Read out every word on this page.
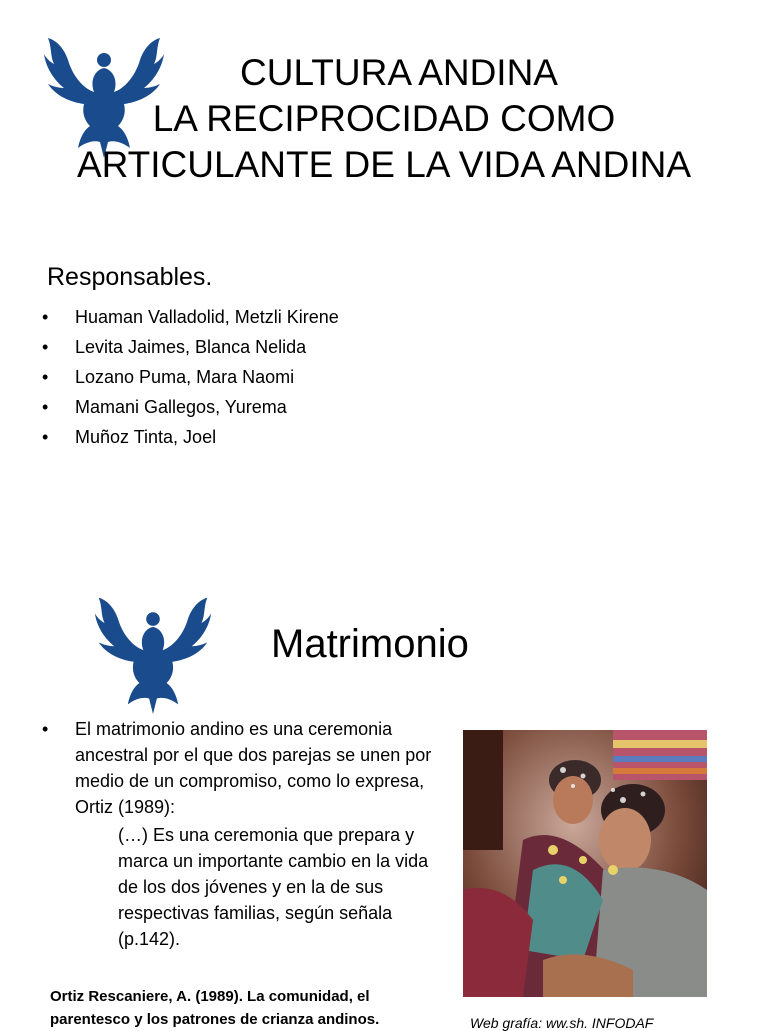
CULTURA ANDINA
LA RECIPROCIDAD COMO
ARTICULANTE DE LA VIDA ANDINA
Responsables.
• Huaman Valladolid, Metzli Kirene
• Levita Jaimes, Blanca Nelida
• Lozano Puma, Mara Naomi
• Mamani Gallegos, Yurema
• Muñoz Tinta, Joel
Matrimonio
• El matrimonio andino es una ceremonia ancestral por el que dos parejas se unen por medio de un compromiso, como lo expresa, Ortiz (1989):
(…) Es una ceremonia que prepara y marca un importante cambio en la vida de los dos jóvenes y en la de sus respectivas familias, según señala (p.142).
Ortiz Rescaniere, A. (1989). La comunidad, el parentesco y los patrones de crianza andinos.	Web grafía: ww.sh. INFODAF
